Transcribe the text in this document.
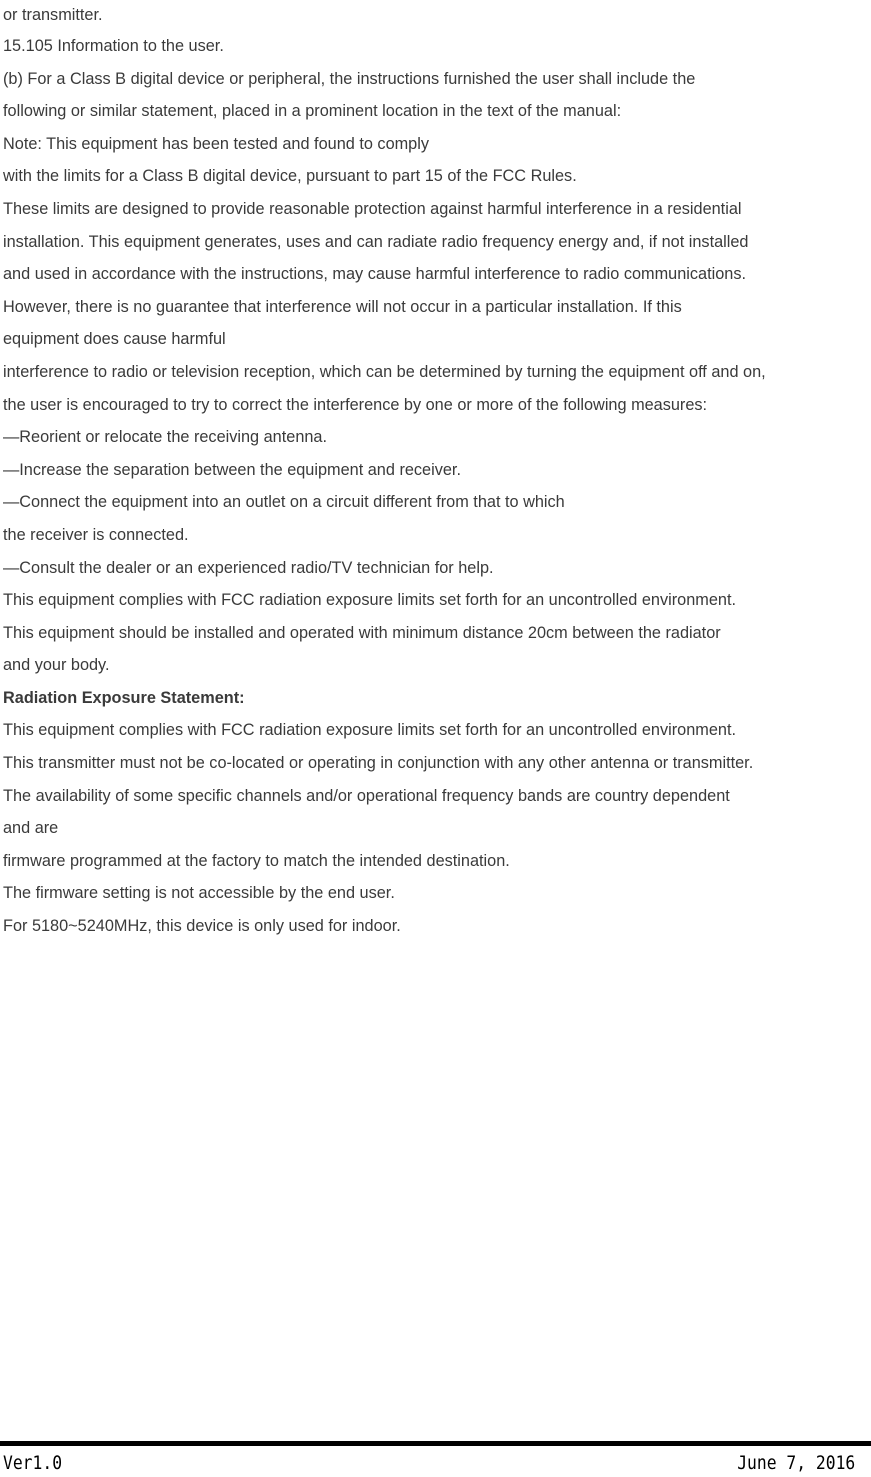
or transmitter.
15.105 Information to the user.
(b) For a Class B digital device or peripheral, the instructions furnished the user shall include the
following or similar statement, placed in a prominent location in the text of the manual:
Note: This equipment has been tested and found to comply
with the limits for a Class B digital device, pursuant to part 15 of the FCC Rules.
These limits are designed to provide reasonable protection against harmful interference in a residential
installation. This equipment generates, uses and can radiate radio frequency energy and, if not installed
and used in accordance with the instructions, may cause harmful interference to radio communications.
However, there is no guarantee that interference will not occur in a particular installation. If this
equipment does cause harmful
interference to radio or television reception, which can be determined by turning the equipment off and on,
the user is encouraged to try to correct the interference by one or more of the following measures:
—Reorient or relocate the receiving antenna.
—Increase the separation between the equipment and receiver.
—Connect the equipment into an outlet on a circuit different from that to which
the receiver is connected.
—Consult the dealer or an experienced radio/TV technician for help.
This equipment complies with FCC radiation exposure limits set forth for an uncontrolled environment.
This equipment should be installed and operated with minimum distance 20cm between the radiator
and your body.
Radiation Exposure Statement:
This equipment complies with FCC radiation exposure limits set forth for an uncontrolled environment.
This transmitter must not be co-located or operating in conjunction with any other antenna or transmitter.
The availability of some specific channels and/or operational frequency bands are country dependent
and are
firmware programmed at the factory to match the intended destination.
The firmware setting is not accessible by the end user.
For 5180~5240MHz, this device is only used for indoor.
Ver1.0	June 7, 2016
